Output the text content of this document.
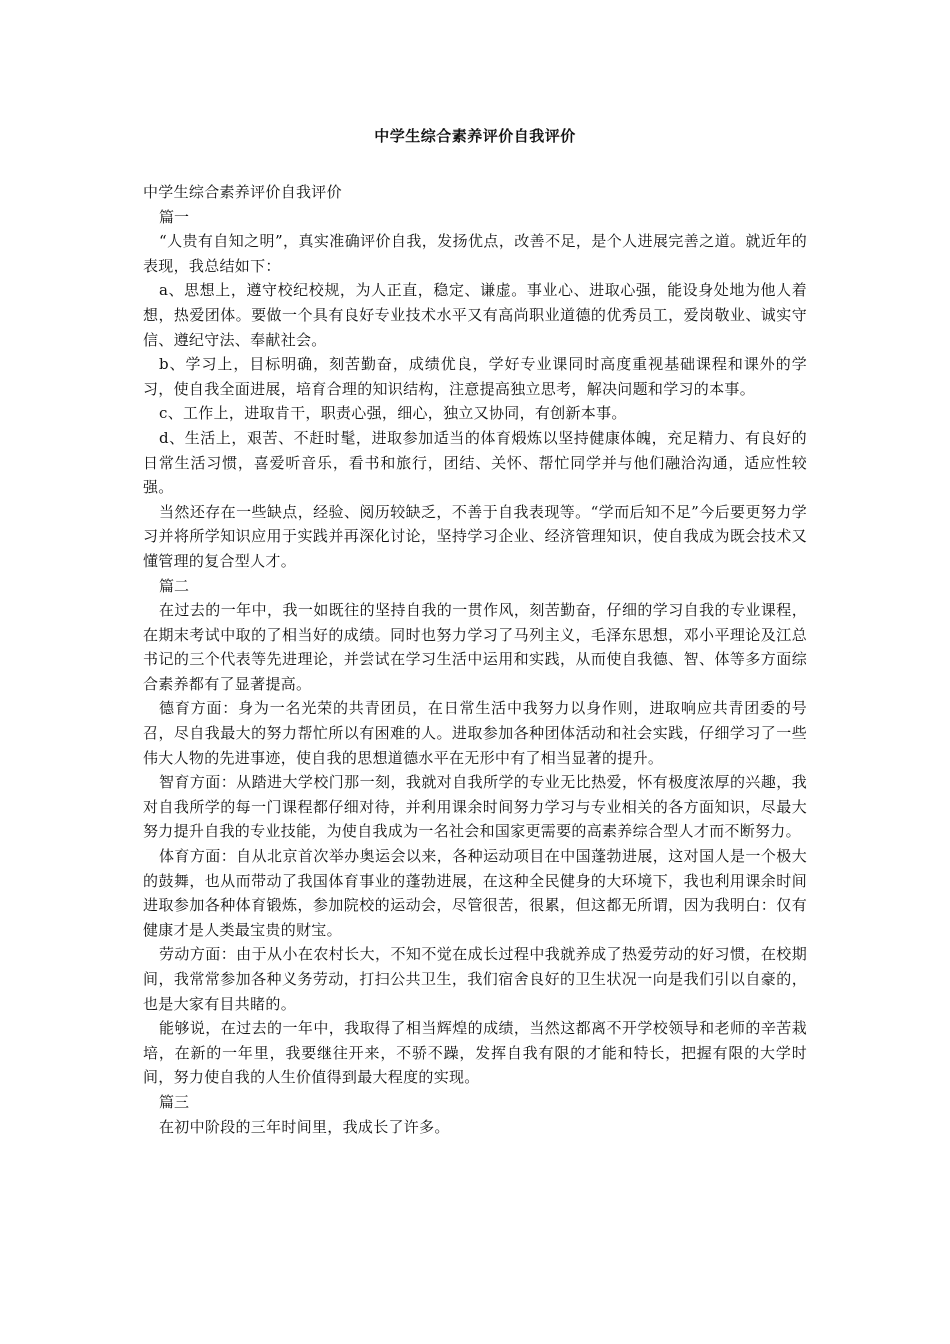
中学生综合素养评价自我评价

中学生综合素养评价自我评价

篇一

“人贵有自知之明”，真实准确评价自我，发扬优点，改善不足，是个人进展完善之道。就近年的表现，我总结如下：

a、思想上，遵守校纪校规，为人正直，稳定、谦虚。事业心、进取心强，能设身处地为他人着想，热爱团体。要做一个具有良好专业技术水平又有高尚职业道德的优秀员工，爱岗敬业、诚实守信、遵纪守法、奉献社会。

b、学习上，目标明确，刻苦勤奋，成绩优良，学好专业课同时高度重视基础课程和课外的学习，使自我全面进展，培育合理的知识结构，注意提高独立思考，解决问题和学习的本事。

c、工作上，进取肯干，职责心强，细心，独立又协同，有创新本事。

d、生活上，艰苦、不赶时髦，进取参加适当的体育煅炼以坚持健康体魄，充足精力、有良好的日常生活习惯，喜爱听音乐，看书和旅行，团结、关怀、帮忙同学并与他们融洽沟通，适应性较强。

当然还存在一些缺点，经验、阅历较缺乏，不善于自我表现等。“学而后知不足”今后要更努力学习并将所学知识应用于实践并再深化讨论，坚持学习企业、经济管理知识，使自我成为既会技术又懂管理的复合型人才。

篇二

在过去的一年中，我一如既往的坚持自我的一贯作风，刻苦勤奋，仔细的学习自我的专业课程，在期末考试中取的了相当好的成绩。同时也努力学习了马列主义，毛泽东思想，邓小平理论及江总书记的三个代表等先进理论，并尝试在学习生活中运用和实践，从而使自我德、智、体等多方面综合素养都有了显著提高。

德育方面：身为一名光荣的共青团员，在日常生活中我努力以身作则，进取响应共青团委的号召，尽自我最大的努力帮忙所以有困难的人。进取参加各种团体活动和社会实践，仔细学习了一些伟大人物的先进事迹，使自我的思想道德水平在无形中有了相当显著的提升。

智育方面：从踏进大学校门那一刻，我就对自我所学的专业无比热爱，怀有极度浓厚的兴趣，我对自我所学的每一门课程都仔细对待，并利用课余时间努力学习与专业相关的各方面知识，尽最大努力提升自我的专业技能，为使自我成为一名社会和国家更需要的高素养综合型人才而不断努力。

体育方面：自从北京首次举办奥运会以来，各种运动项目在中国蓬勃进展，这对国人是一个极大的鼓舞，也从而带动了我国体育事业的蓬勃进展，在这种全民健身的大环境下，我也利用课余时间进取参加各种体育锻炼，参加院校的运动会，尽管很苦，很累，但这都无所谓，因为我明白：仅有健康才是人类最宝贵的财宝。

劳动方面：由于从小在农村长大，不知不觉在成长过程中我就养成了热爱劳动的好习惯，在校期间，我常常参加各种义务劳动，打扫公共卫生，我们宿舍良好的卫生状况一向是我们引以自豪的，也是大家有目共睹的。

能够说，在过去的一年中，我取得了相当辉煌的成绩，当然这都离不开学校领导和老师的辛苦栽培，在新的一年里，我要继往开来，不骄不躁，发挥自我有限的才能和特长，把握有限的大学时间，努力使自我的人生价值得到最大程度的实现。

篇三

在初中阶段的三年时间里，我成长了许多。
